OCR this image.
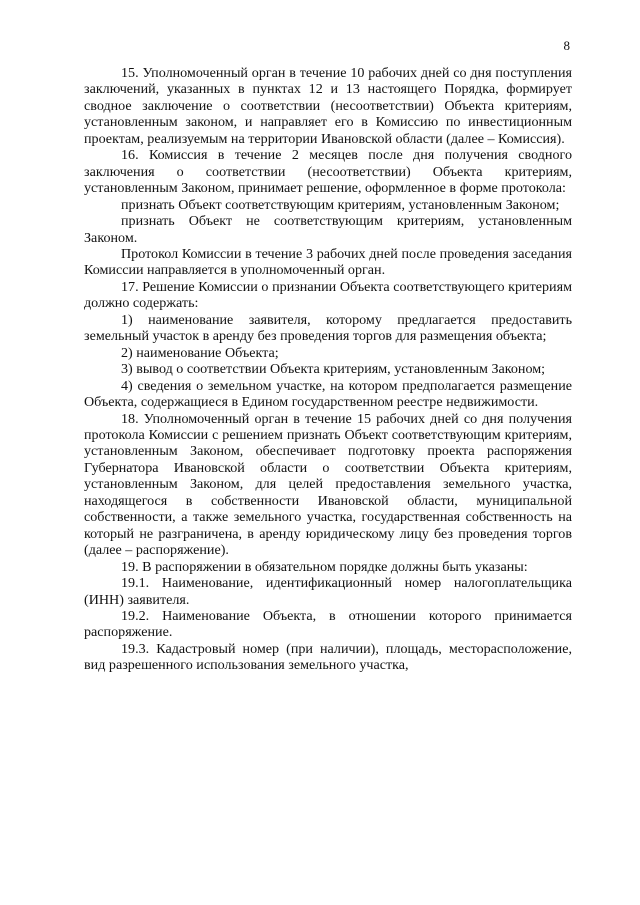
8

15. Уполномоченный орган в течение 10 рабочих дней со дня поступления заключений, указанных в пунктах 12 и 13 настоящего Порядка, формирует сводное заключение о соответствии (несоответствии) Объекта критериям, установленным законом, и направляет его в Комиссию по инвестиционным проектам, реализуемым на территории Ивановской области (далее – Комиссия).

16. Комиссия в течение 2 месяцев после дня получения сводного заключения о соответствии (несоответствии) Объекта критериям, установленным Законом, принимает решение, оформленное в форме протокола:

признать Объект соответствующим критериям, установленным Законом;

признать Объект не соответствующим критериям, установленным Законом.

Протокол Комиссии в течение 3 рабочих дней после проведения заседания Комиссии направляется в уполномоченный орган.

17. Решение Комиссии о признании Объекта соответствующего критериям должно содержать:

1) наименование заявителя, которому предлагается предоставить земельный участок в аренду без проведения торгов для размещения объекта;

2) наименование Объекта;

3) вывод о соответствии Объекта критериям, установленным Законом;

4) сведения о земельном участке, на котором предполагается размещение Объекта, содержащиеся в Едином государственном реестре недвижимости.

18. Уполномоченный орган в течение 15 рабочих дней со дня получения протокола Комиссии с решением признать Объект соответствующим критериям, установленным Законом, обеспечивает подготовку проекта распоряжения Губернатора Ивановской области о соответствии Объекта критериям, установленным Законом, для целей предоставления земельного участка, находящегося в собственности Ивановской области, муниципальной собственности, а также земельного участка, государственная собственность на который не разграничена, в аренду юридическому лицу без проведения торгов (далее – распоряжение).

19. В распоряжении в обязательном порядке должны быть указаны:

19.1. Наименование, идентификационный номер налогоплательщика (ИНН) заявителя.

19.2. Наименование Объекта, в отношении которого принимается распоряжение.

19.3. Кадастровый номер (при наличии), площадь, месторасположение, вид разрешенного использования земельного участка,
